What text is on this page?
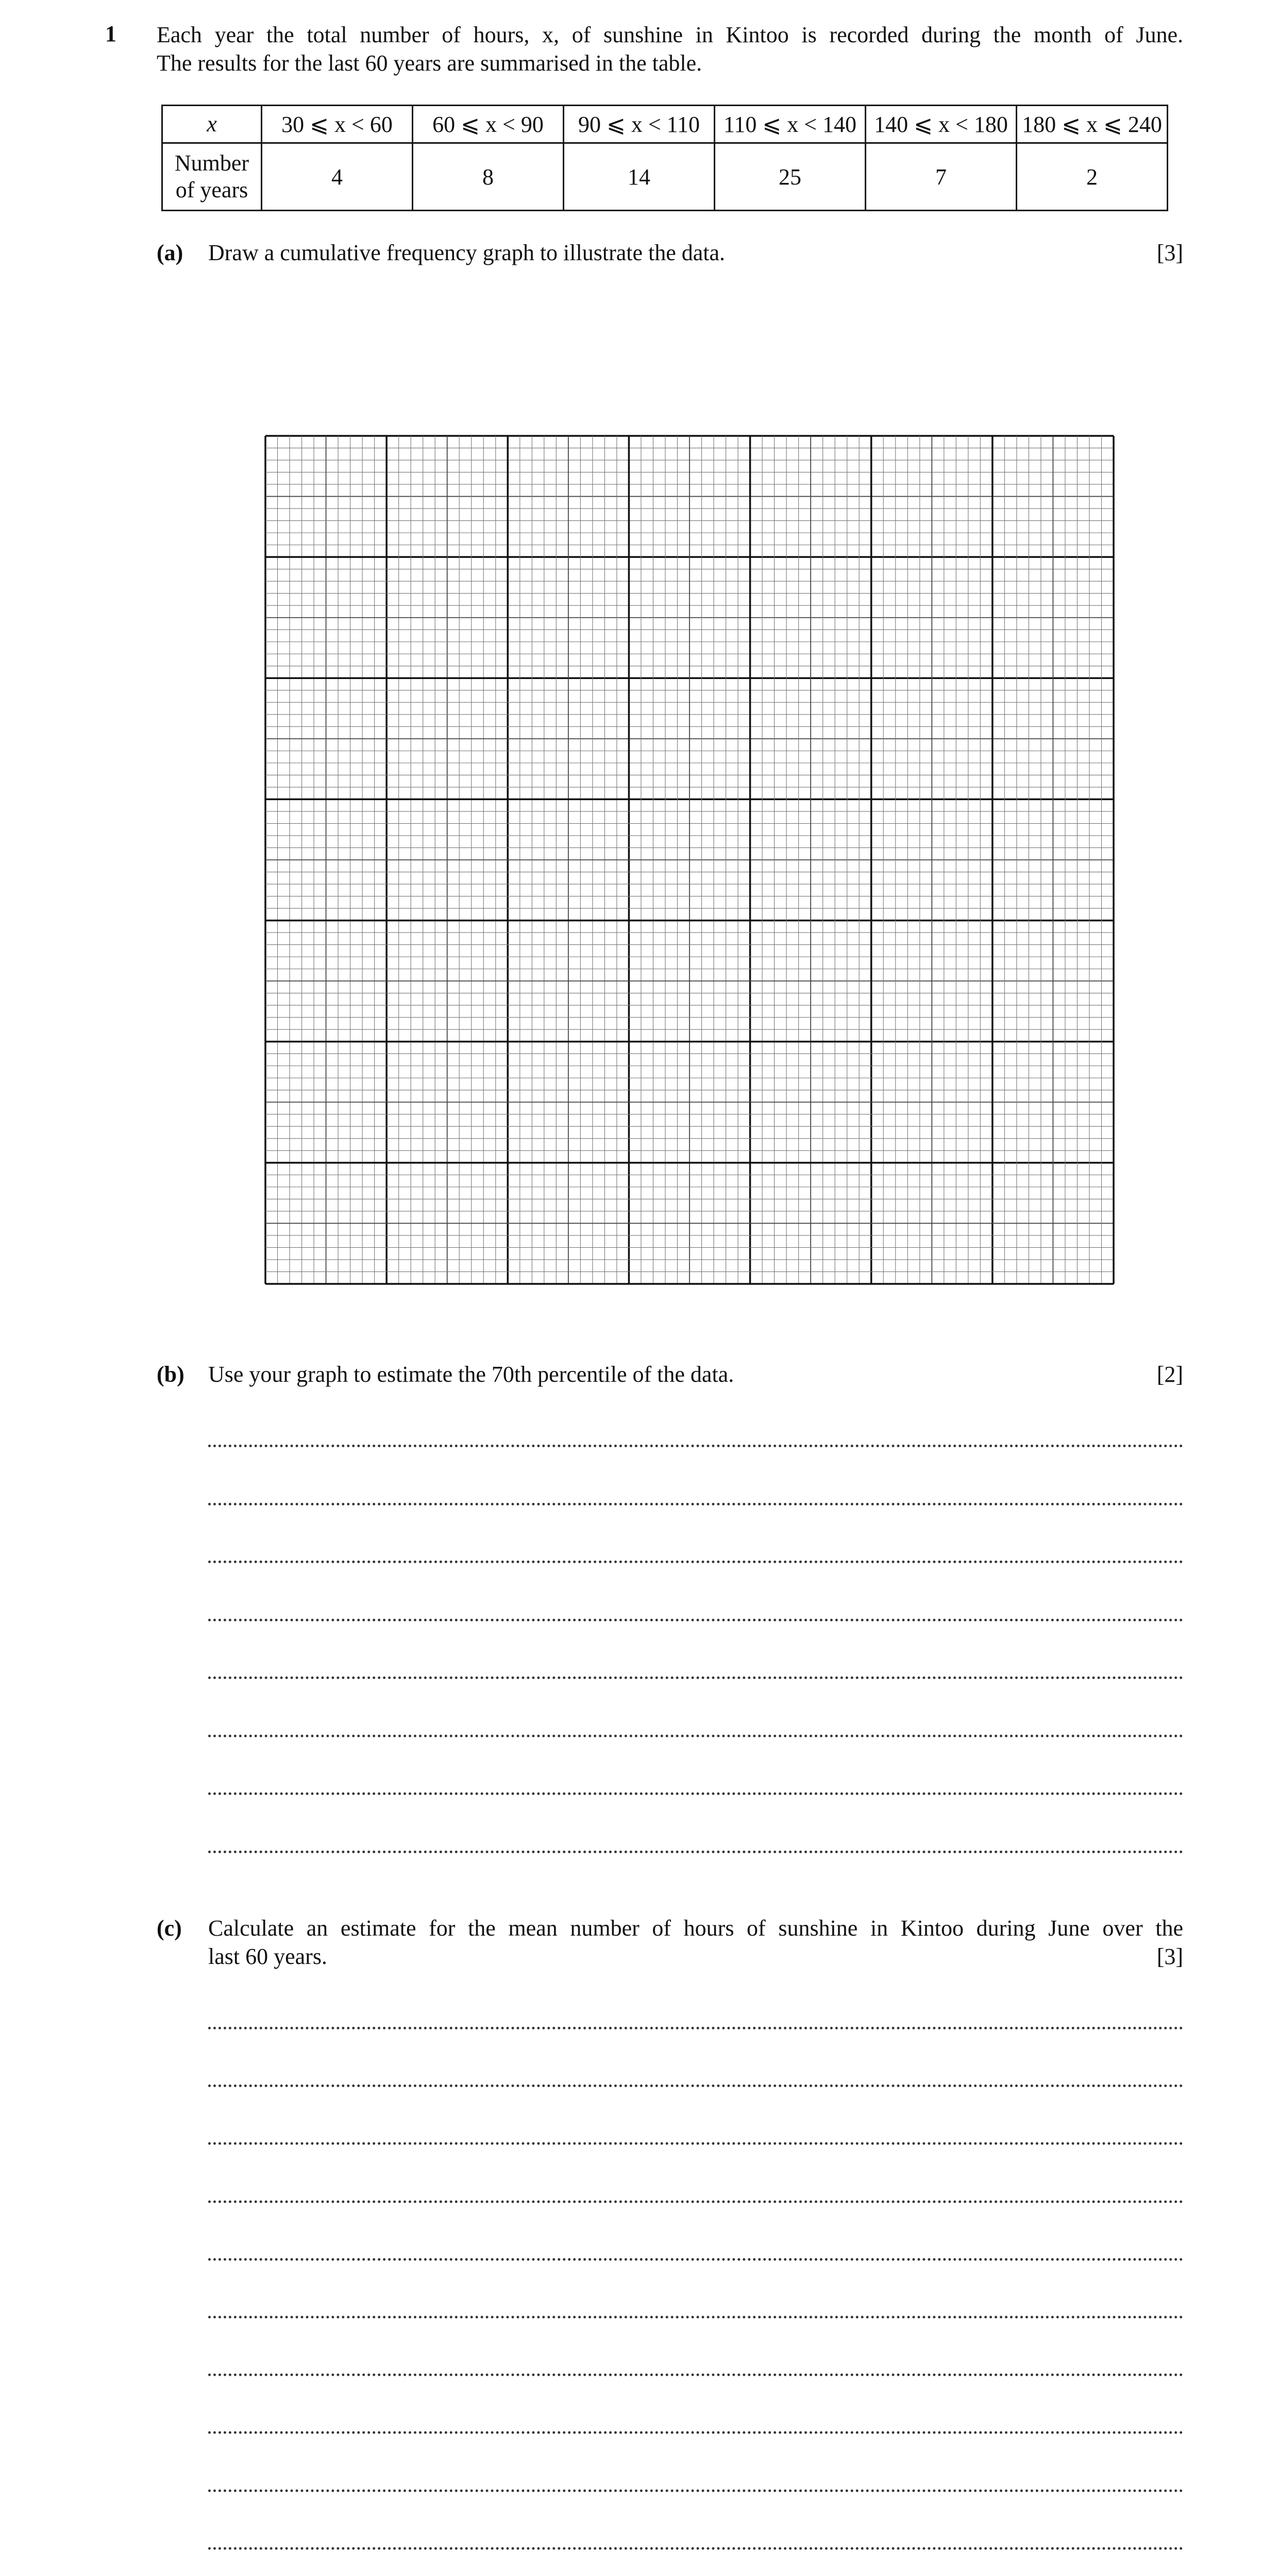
1 Each year the total number of hours, x, of sunshine in Kintoo is recorded during the month of June.

The results for the last 60 years are summarised in the table.

x	30 ⩽ x < 60	60 ⩽ x < 90	90 ⩽ x < 110	110 ⩽ x < 140	140 ⩽ x < 180	180 ⩽ x ⩽ 240
Number
of years	4	8	14	25	7	2
(a) Draw a cumulative frequency graph to illustrate the data.	[3]
(b) Use your graph to estimate the 70th percentile of the data.	[2]
(c) Calculate an estimate for the mean number of hours of sunshine in Kintoo during June over the
last 60 years.	[3]
